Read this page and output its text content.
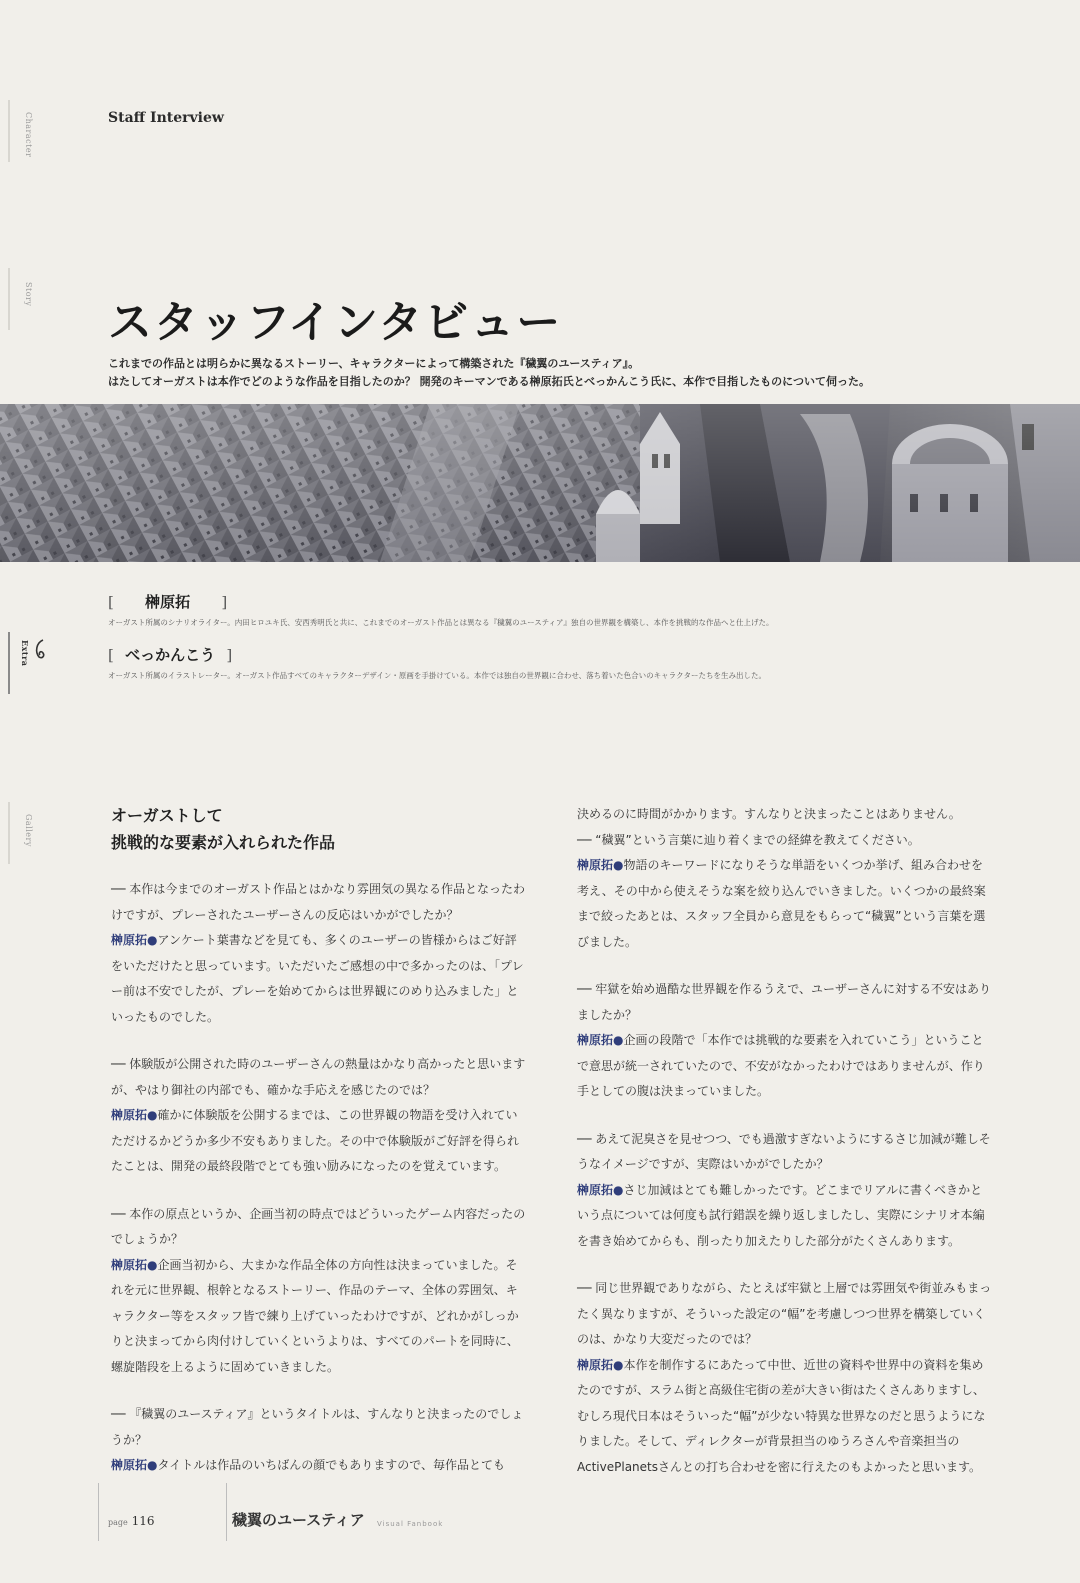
Character
Story
Extra
Gallery
Staff Interview
スタッフインタビュー
これまでの作品とは明らかに異なるストーリー、キャラクターによって構築された『穢翼のユースティア』。
はたしてオーガストは本作でどのような作品を目指したのか？ 開発のキーマンである榊原拓氏とべっかんこう氏に、本作で目指したものについて伺った。
[ 榊原拓 ]
オーガスト所属のシナリオライター。内田ヒロユキ氏、安西秀明氏と共に、これまでのオーガスト作品とは異なる『穢翼のユースティア』独自の世界観を構築し、本作を挑戦的な作品へと仕上げた。
[ べっかんこう ]
オーガスト所属のイラストレーター。オーガスト作品すべてのキャラクターデザイン・原画を手掛けている。本作では独自の世界観に合わせ、落ち着いた色合いのキャラクターたちを生み出した。
オーガストして
挑戦的な要素が入れられた作品

── 本作は今までのオーガスト作品とはかなり雰囲気の異なる作品となったわけですが、プレーされたユーザーさんの反応はいかがでしたか？

榊原拓●アンケート葉書などを見ても、多くのユーザーの皆様からはご好評をいただけたと思っています。いただいたご感想の中で多かったのは、「プレー前は不安でしたが、プレーを始めてからは世界観にのめり込みました」といったものでした。

── 体験版が公開された時のユーザーさんの熱量はかなり高かったと思いますが、やはり御社の内部でも、確かな手応えを感じたのでは？

榊原拓●確かに体験版を公開するまでは、この世界観の物語を受け入れていただけるかどうか多少不安もありました。その中で体験版がご好評を得られたことは、開発の最終段階でとても強い励みになったのを覚えています。

── 本作の原点というか、企画当初の時点ではどういったゲーム内容だったのでしょうか？

榊原拓●企画当初から、大まかな作品全体の方向性は決まっていました。それを元に世界観、根幹となるストーリー、作品のテーマ、全体の雰囲気、キャラクター等をスタッフ皆で練り上げていったわけですが、どれかがしっかりと決まってから肉付けしていくというよりは、すべてのパートを同時に、螺旋階段を上るように固めていきました。

── 『穢翼のユースティア』というタイトルは、すんなりと決まったのでしょうか？

榊原拓●タイトルは作品のいちばんの顔でもありますので、毎作品とても

決めるのに時間がかかります。すんなりと決まったことはありません。

── “穢翼”という言葉に辿り着くまでの経緯を教えてください。

榊原拓●物語のキーワードになりそうな単語をいくつか挙げ、組み合わせを考え、その中から使えそうな案を絞り込んでいきました。いくつかの最終案まで絞ったあとは、スタッフ全員から意見をもらって“穢翼”という言葉を選びました。

── 牢獄を始め過酷な世界観を作るうえで、ユーザーさんに対する不安はありましたか？

榊原拓●企画の段階で「本作では挑戦的な要素を入れていこう」ということで意思が統一されていたので、不安がなかったわけではありませんが、作り手としての腹は決まっていました。

── あえて泥臭さを見せつつ、でも過激すぎないようにするさじ加減が難しそうなイメージですが、実際はいかがでしたか？

榊原拓●さじ加減はとても難しかったです。どこまでリアルに書くべきかという点については何度も試行錯誤を繰り返しましたし、実際にシナリオ本編を書き始めてからも、削ったり加えたりした部分がたくさんあります。

── 同じ世界観でありながら、たとえば牢獄と上層では雰囲気や街並みもまったく異なりますが、そういった設定の“幅”を考慮しつつ世界を構築していくのは、かなり大変だったのでは？

榊原拓●本作を制作するにあたって中世、近世の資料や世界中の資料を集めたのですが、スラム街と高級住宅街の差が大きい街はたくさんありますし、むしろ現代日本はそういった“幅”が少ない特異な世界なのだと思うようになりました。そして、ディレクターが背景担当のゆうろさんや音楽担当のActivePlanetsさんとの打ち合わせを密に行えたのもよかったと思います。

page 116	穢翼のユースティア Visual Fanbook
